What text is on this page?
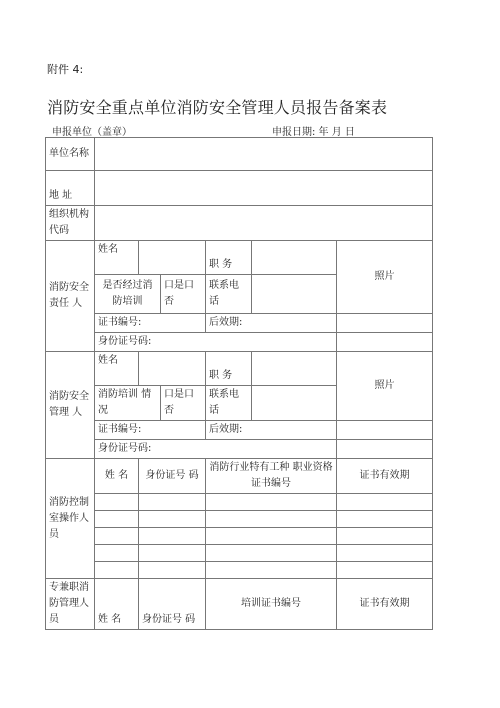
附件 4:
消防安全重点单位消防安全管理人员报告备案表
申报单位（盖章）	申报日期: 年 月 日
单位名称						
地 址						
组织机构代码						
消防安全 责任 人	姓名			职 务		照片
	是否经过消防培训		口是口否	联系电话		
	证书编号:			后效期:		
	身份证号码:					
消防安全 管理 人	姓名			职 务		照片
	消防培训 情况		口是口否	联系电话		
	证书编号:			后效期:		
	身份证号码:					
消防控制室操作人员	姓 名	身份证号 码		消防行业特有工种 职业资格证书编号		证书有效期

专兼职消防管理人员	姓 名	身份证号 码		培训证书编号		证书有效期
